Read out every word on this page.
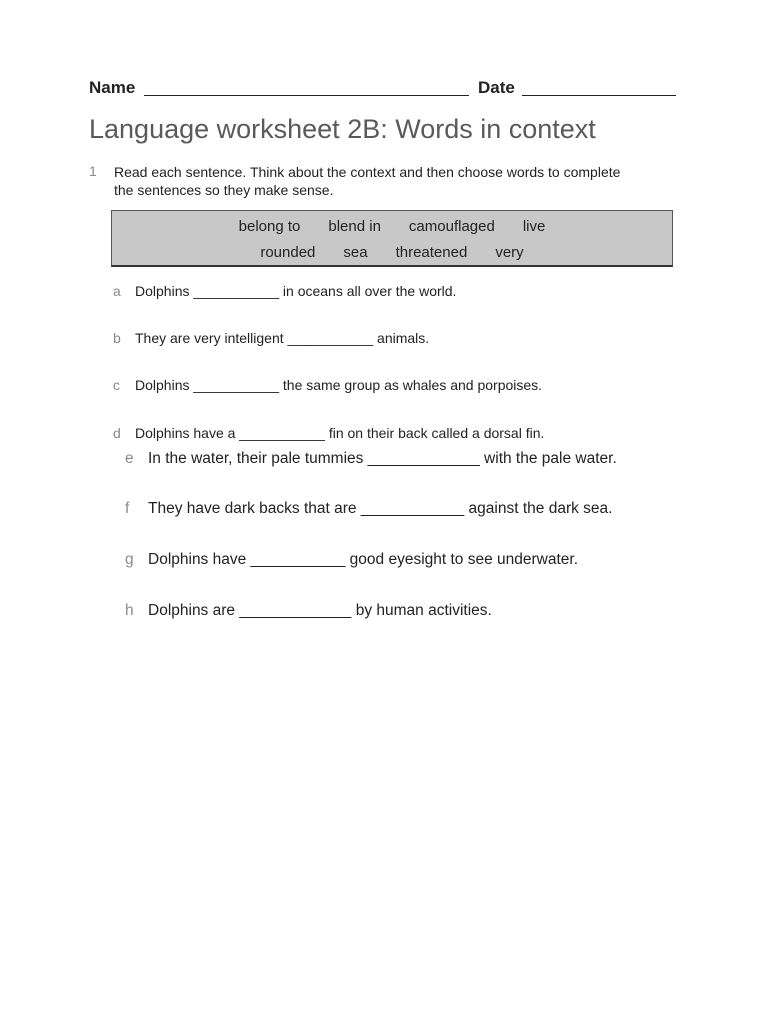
Name	Date
Language worksheet 2B: Words in context
1 Read each sentence. Think about the context and then choose words to complete the sentences so they make sense.
belong to blend in camouflaged live
rounded sea threatened very
a Dolphins ___________ in oceans all over the world.
b They are very intelligent ___________ animals.
c Dolphins ___________ the same group as whales and porpoises.
d Dolphins have a ___________ fin on their back called a dorsal fin.
e In the water, their pale tummies _____________ with the pale water.
f They have dark backs that are ____________ against the dark sea.
g Dolphins have ___________ good eyesight to see underwater.
h Dolphins are _____________ by human activities.
